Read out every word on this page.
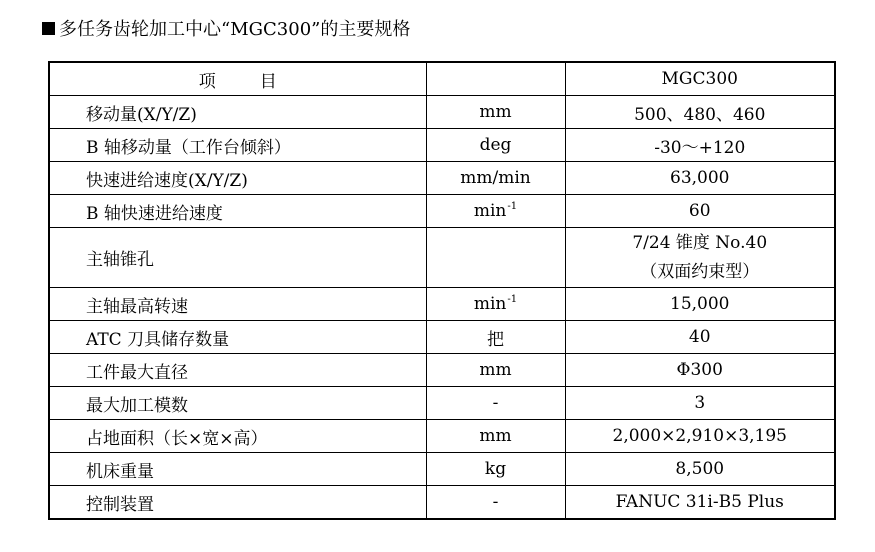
多任务齿轮加工中心“MGC300”的主要规格
项 目		MGC300
移动量(X/Y/Z)	mm	500、480、460
B 轴移动量（工作台倾斜）	deg	-30～+120
快速进给速度(X/Y/Z)	mm/min	63,000
B 轴快速进给速度	$\min^{-1}$	60
主轴锥孔		7/24 锥度 No.40
（双面约束型）

主轴最高转速	$\min^{-1}$	15,000
ATC 刀具储存数量	把	40
工件最大直径	mm	Φ300
最大加工模数	-	3
占地面积（长×宽×高）	mm	2,000×2,910×3,195
机床重量	kg	8,500
控制装置	-	FANUC 31i-B5 Plus
